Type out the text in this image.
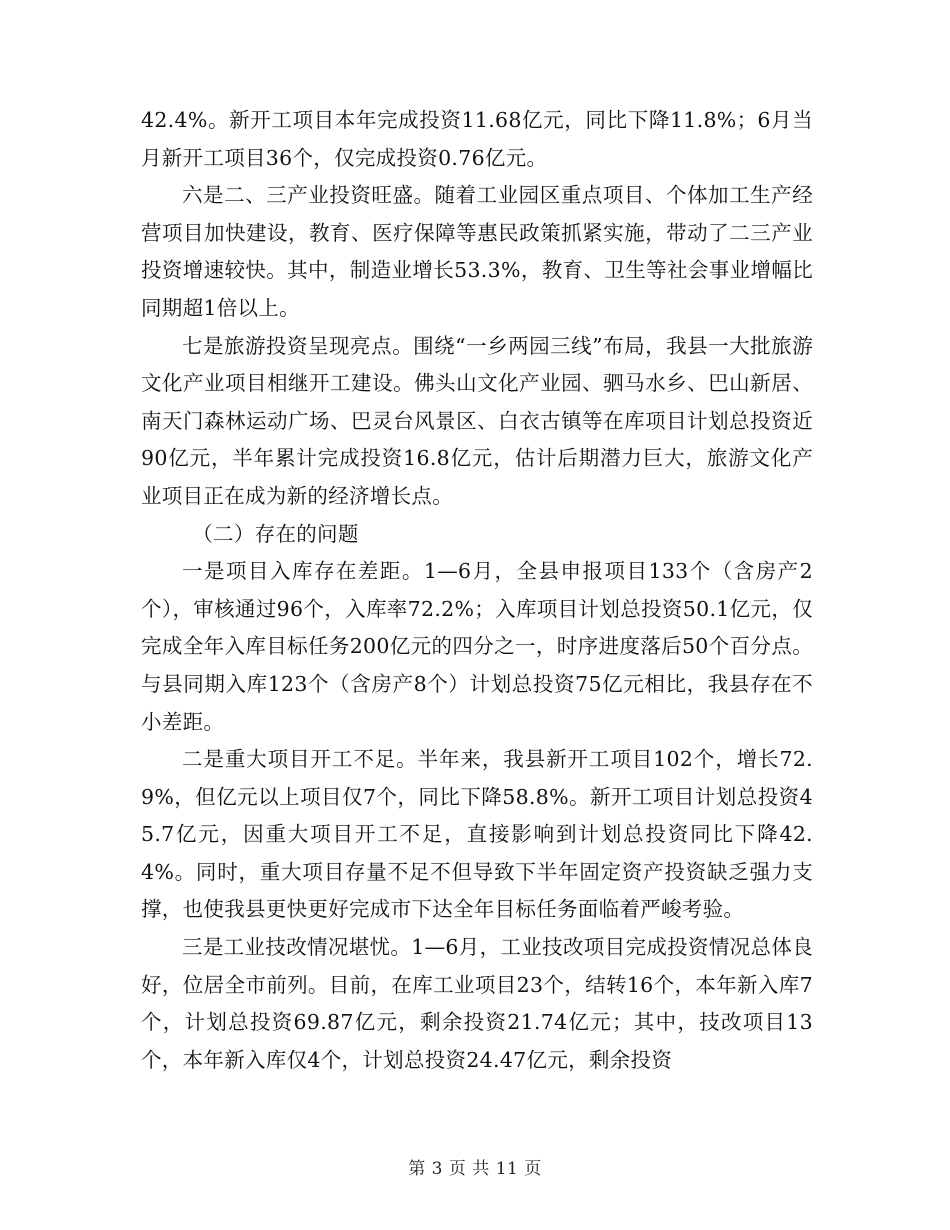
42.4%。新开工项目本年完成投资11.68亿元，同比下降11.8%；6月当月新开工项目36个，仅完成投资0.76亿元。

六是二、三产业投资旺盛。随着工业园区重点项目、个体加工生产经营项目加快建设，教育、医疗保障等惠民政策抓紧实施，带动了二三产业投资增速较快。其中，制造业增长53.3%，教育、卫生等社会事业增幅比同期超1倍以上。

七是旅游投资呈现亮点。围绕“一乡两园三线”布局，我县一大批旅游文化产业项目相继开工建设。佛头山文化产业园、驷马水乡、巴山新居、南天门森林运动广场、巴灵台风景区、白衣古镇等在库项目计划总投资近90亿元，半年累计完成投资16.8亿元，估计后期潜力巨大，旅游文化产业项目正在成为新的经济增长点。

（二）存在的问题

一是项目入库存在差距。1—6月，全县申报项目133个（含房产2个），审核通过96个，入库率72.2%；入库项目计划总投资50.1亿元，仅完成全年入库目标任务200亿元的四分之一，时序进度落后50个百分点。与县同期入库123个（含房产8个）计划总投资75亿元相比，我县存在不小差距。

二是重大项目开工不足。半年来，我县新开工项目102个，增长72.9%，但亿元以上项目仅7个，同比下降58.8%。新开工项目计划总投资45.7亿元，因重大项目开工不足，直接影响到计划总投资同比下降42.4%。同时，重大项目存量不足不但导致下半年固定资产投资缺乏强力支撑，也使我县更快更好完成市下达全年目标任务面临着严峻考验。

三是工业技改情况堪忧。1—6月，工业技改项目完成投资情况总体良好，位居全市前列。目前，在库工业项目23个，结转16个，本年新入库7个，计划总投资69.87亿元，剩余投资21.74亿元；其中，技改项目13个，本年新入库仅4个，计划总投资24.47亿元，剩余投资

第 3 页 共 11 页
